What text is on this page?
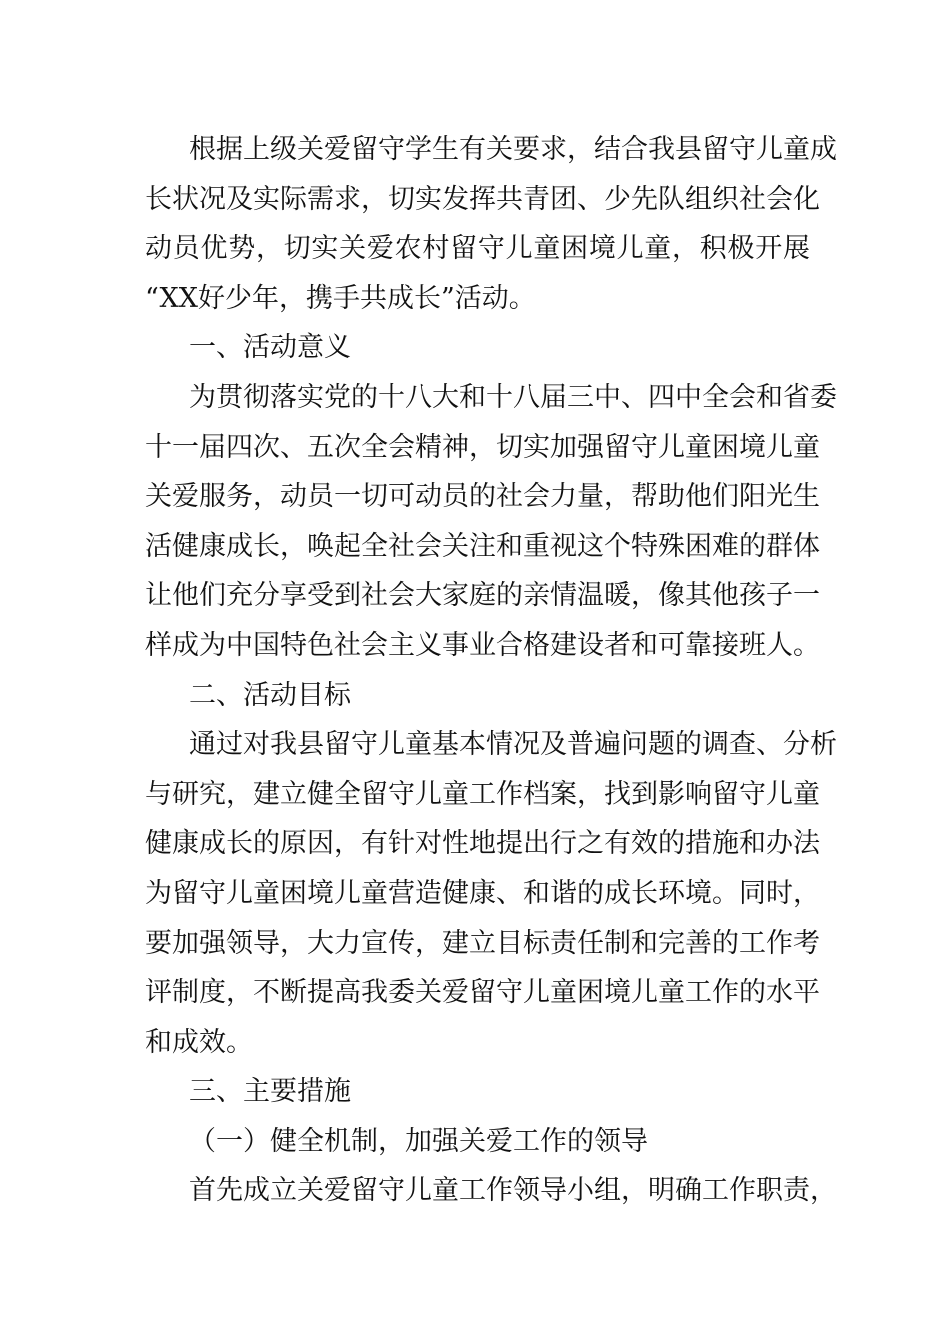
根据上级关爱留守学生有关要求，结合我县留守儿童成
长状况及实际需求，切实发挥共青团、少先队组织社会化
动员优势，切实关爱农村留守儿童困境儿童，积极开展
“XX好少年，携手共成长”活动。
一、活动意义
为贯彻落实党的十八大和十八届三中、四中全会和省委
十一届四次、五次全会精神，切实加强留守儿童困境儿童
关爱服务，动员一切可动员的社会力量，帮助他们阳光生
活健康成长，唤起全社会关注和重视这个特殊困难的群体
让他们充分享受到社会大家庭的亲情温暖，像其他孩子一
样成为中国特色社会主义事业合格建设者和可靠接班人。
二、活动目标
通过对我县留守儿童基本情况及普遍问题的调查、分析
与研究，建立健全留守儿童工作档案，找到影响留守儿童
健康成长的原因，有针对性地提出行之有效的措施和办法
为留守儿童困境儿童营造健康、和谐的成长环境。同时，
要加强领导，大力宣传，建立目标责任制和完善的工作考
评制度，不断提高我委关爱留守儿童困境儿童工作的水平
和成效。
三、主要措施
（一）健全机制，加强关爱工作的领导
首先成立关爱留守儿童工作领导小组，明确工作职责，
